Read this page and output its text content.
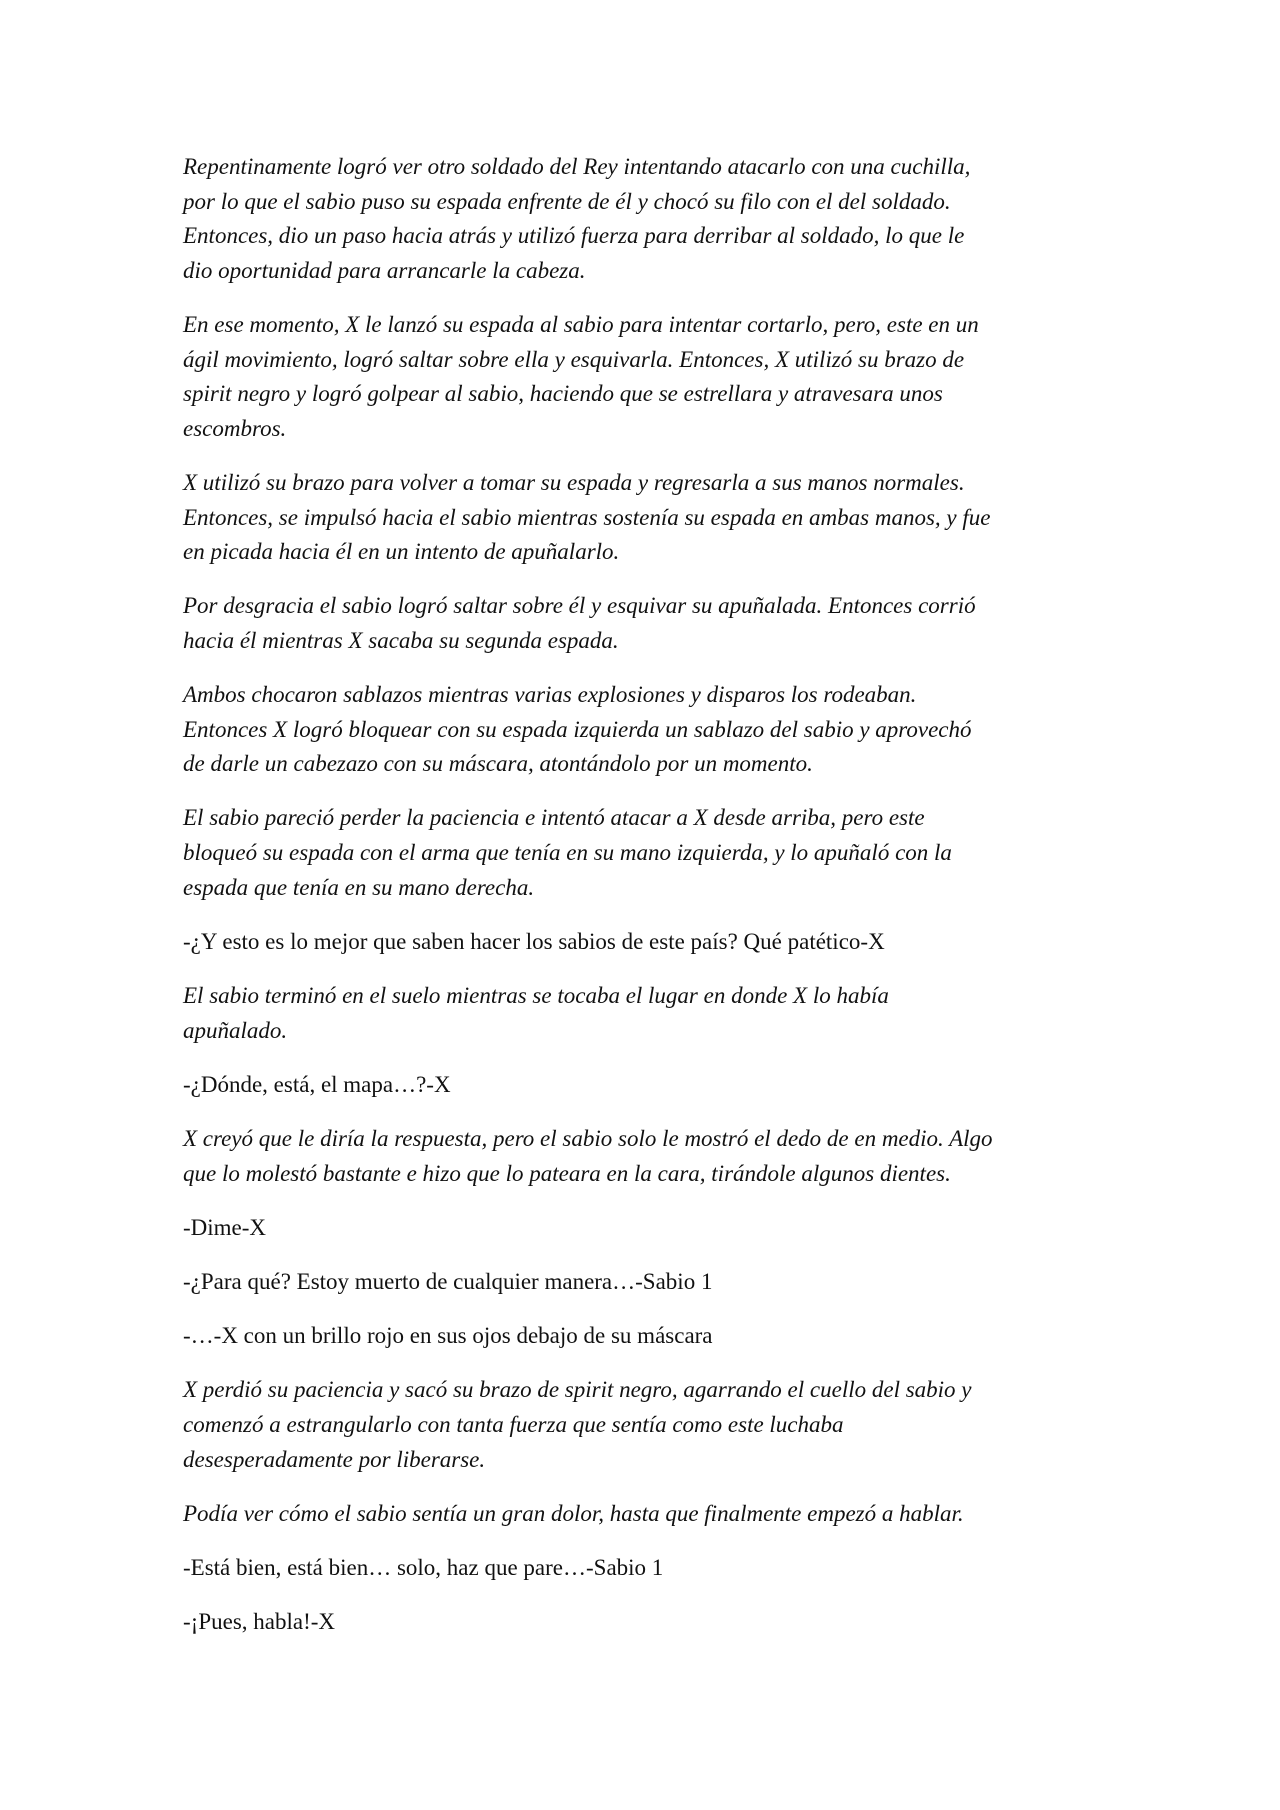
Repentinamente logró ver otro soldado del Rey intentando atacarlo con una cuchilla,
por lo que el sabio puso su espada enfrente de él y chocó su filo con el del soldado.
Entonces, dio un paso hacia atrás y utilizó fuerza para derribar al soldado, lo que le
dio oportunidad para arrancarle la cabeza.

En ese momento, X le lanzó su espada al sabio para intentar cortarlo, pero, este en un
ágil movimiento, logró saltar sobre ella y esquivarla. Entonces, X utilizó su brazo de
spirit negro y logró golpear al sabio, haciendo que se estrellara y atravesara unos
escombros.

X utilizó su brazo para volver a tomar su espada y regresarla a sus manos normales.
Entonces, se impulsó hacia el sabio mientras sostenía su espada en ambas manos, y fue
en picada hacia él en un intento de apuñalarlo.

Por desgracia el sabio logró saltar sobre él y esquivar su apuñalada. Entonces corrió
hacia él mientras X sacaba su segunda espada.

Ambos chocaron sablazos mientras varias explosiones y disparos los rodeaban.
Entonces X logró bloquear con su espada izquierda un sablazo del sabio y aprovechó
de darle un cabezazo con su máscara, atontándolo por un momento.

El sabio pareció perder la paciencia e intentó atacar a X desde arriba, pero este
bloqueó su espada con el arma que tenía en su mano izquierda, y lo apuñaló con la
espada que tenía en su mano derecha.

-¿Y esto es lo mejor que saben hacer los sabios de este país? Qué patético-X

El sabio terminó en el suelo mientras se tocaba el lugar en donde X lo había
apuñalado.

-¿Dónde, está, el mapa…?-X

X creyó que le diría la respuesta, pero el sabio solo le mostró el dedo de en medio. Algo
que lo molestó bastante e hizo que lo pateara en la cara, tirándole algunos dientes.

-Dime-X

-¿Para qué? Estoy muerto de cualquier manera…-Sabio 1

-…-X con un brillo rojo en sus ojos debajo de su máscara

X perdió su paciencia y sacó su brazo de spirit negro, agarrando el cuello del sabio y
comenzó a estrangularlo con tanta fuerza que sentía como este luchaba
desesperadamente por liberarse.

Podía ver cómo el sabio sentía un gran dolor, hasta que finalmente empezó a hablar.

-Está bien, está bien… solo, haz que pare…-Sabio 1

-¡Pues, habla!-X
